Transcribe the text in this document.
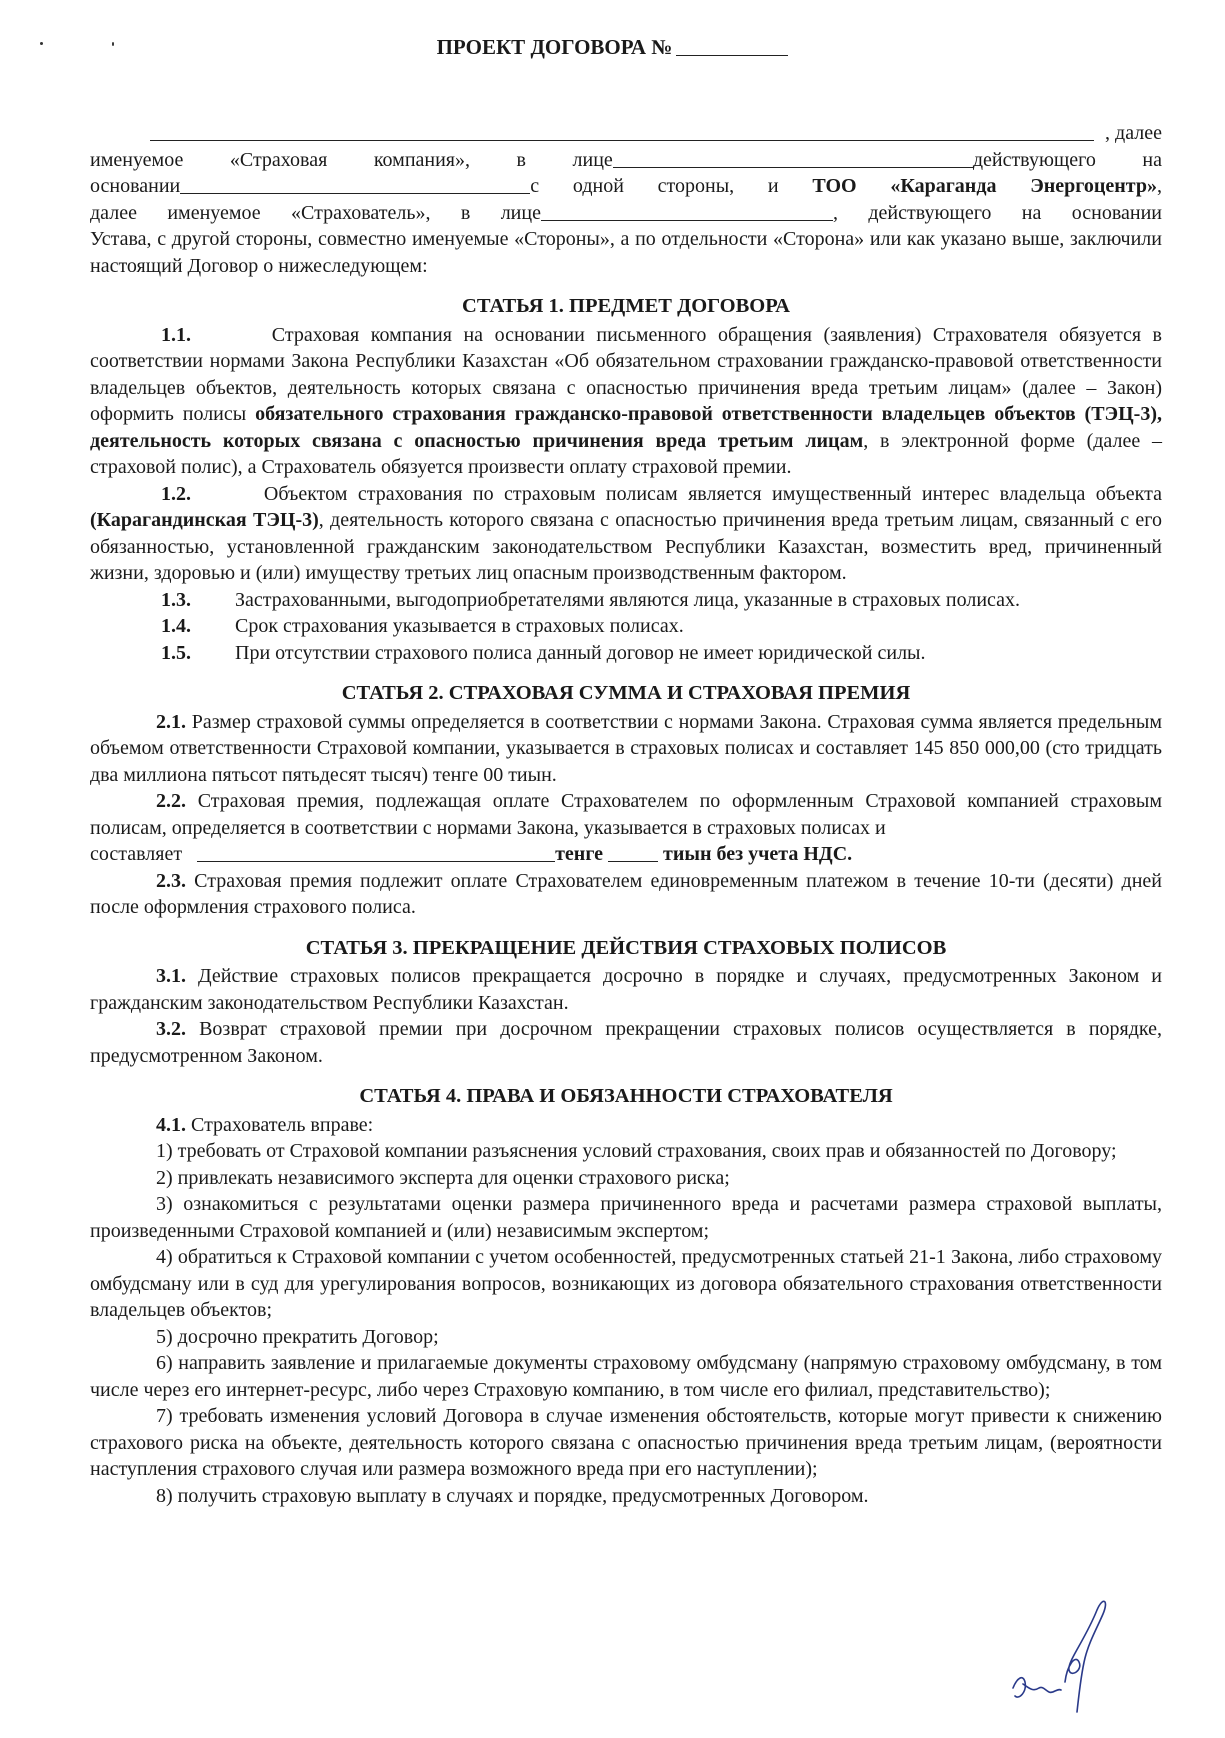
ПРОЕКТ ДОГОВОРА №

, далее

именуемое «Страховая компания», в лице	действующего на

основании	с одной стороны, и ТОО «Караганда Энергоцентр»,

далее именуемое «Страхователь», в лице	, действующего на основании

Устава, с другой стороны, совместно именуемые «Стороны», а по отдельности «Сторона» или как указано выше, заключили настоящий Договор о нижеследующем:

СТАТЬЯ 1. ПРЕДМЕТ ДОГОВОРА

1.1.	Страховая компания на основании письменного обращения (заявления) Страхователя обязуется в соответствии нормами Закона Республики Казахстан «Об обязательном страховании гражданско-правовой ответственности владельцев объектов, деятельность которых связана с опасностью причинения вреда третьим лицам» (далее – Закон) оформить полисы обязательного страхования гражданско-правовой ответственности владельцев объектов (ТЭЦ-3), деятельность которых связана с опасностью причинения вреда третьим лицам, в электронной форме (далее – страховой полис), а Страхователь обязуется произвести оплату страховой премии.

1.2.	Объектом страхования по страховым полисам является имущественный интерес владельца объекта (Карагандинская ТЭЦ-3), деятельность которого связана с опасностью причинения вреда третьим лицам, связанный с его обязанностью, установленной гражданским законодательством Республики Казахстан, возместить вред, причиненный жизни, здоровью и (или) имуществу третьих лиц опасным производственным фактором.

1.3.	Застрахованными, выгодоприобретателями являются лица, указанные в страховых полисах.
1.4.	Срок страхования указывается в страховых полисах.
1.5.	При отсутствии страхового полиса данный договор не имеет юридической силы.
СТАТЬЯ 2. СТРАХОВАЯ СУММА И СТРАХОВАЯ ПРЕМИЯ

2.1. Размер страховой суммы определяется в соответствии с нормами Закона. Страховая сумма является предельным объемом ответственности Страховой компании, указывается в страховых полисах и составляет 145 850 000,00 (сто тридцать два миллиона пятьсот пятьдесят тысяч) тенге 00 тиын.

2.2. Страховая премия, подлежащая оплате Страхователем по оформленным Страховой компанией страховым полисам, определяется в соответствии с нормами Закона, указывается в страховых полисах и

составляет	тенге	тиын без учета НДС.

2.3. Страховая премия подлежит оплате Страхователем единовременным платежом в течение 10-ти (десяти) дней после оформления страхового полиса.

СТАТЬЯ 3. ПРЕКРАЩЕНИЕ ДЕЙСТВИЯ СТРАХОВЫХ ПОЛИСОВ

3.1. Действие страховых полисов прекращается досрочно в порядке и случаях, предусмотренных Законом и гражданским законодательством Республики Казахстан.

3.2. Возврат страховой премии при досрочном прекращении страховых полисов осуществляется в порядке, предусмотренном Законом.

СТАТЬЯ 4. ПРАВА И ОБЯЗАННОСТИ СТРАХОВАТЕЛЯ

4.1. Страхователь вправе:

1) требовать от Страховой компании разъяснения условий страхования, своих прав и обязанностей по Договору;

2) привлекать независимого эксперта для оценки страхового риска;

3) ознакомиться с результатами оценки размера причиненного вреда и расчетами размера страховой выплаты, произведенными Страховой компанией и (или) независимым экспертом;

4) обратиться к Страховой компании с учетом особенностей, предусмотренных статьей 21-1 Закона, либо страховому омбудсману или в суд для урегулирования вопросов, возникающих из договора обязательного страхования ответственности владельцев объектов;

5) досрочно прекратить Договор;

6) направить заявление и прилагаемые документы страховому омбудсману (напрямую страховому омбудсману, в том числе через его интернет-ресурс, либо через Страховую компанию, в том числе его филиал, представительство);

7) требовать изменения условий Договора в случае изменения обстоятельств, которые могут привести к снижению страхового риска на объекте, деятельность которого связана с опасностью причинения вреда третьим лицам, (вероятности наступления страхового случая или размера возможного вреда при его наступлении);

8) получить страховую выплату в случаях и порядке, предусмотренных Договором.
